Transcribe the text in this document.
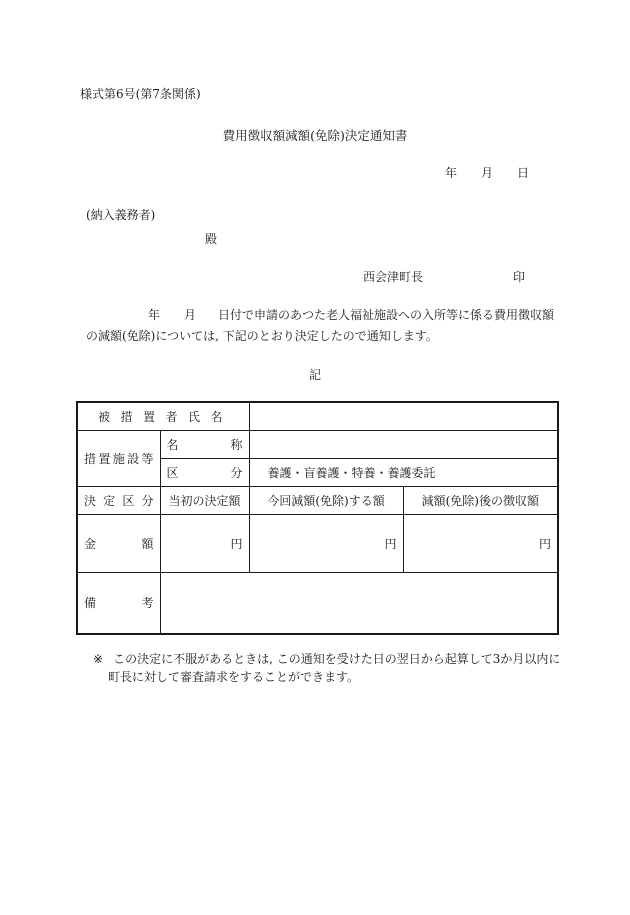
様式第6号(第7条関係)
費用徴収額減額(免除)決定通知書
年 月 日
(納入義務者)
殿
西会津町長	印
年 月 日付で申請のあつた老人福祉施設への入所等に係る費用徴収額
の減額(免除)については, 下記のとおり決定したので通知します。
記
被措置者氏名			

措置施設等	名称		

	区分	養護・盲養護・特養・養護委託	

決定区分	当初の決定額	今回減額(免除)する額	減額(免除)後の徴収額

金額	円	円	円

備考			

※ この決定に不服があるときは, この通知を受けた日の翌日から起算して3か月以内に
町長に対して審査請求をすることができます。
